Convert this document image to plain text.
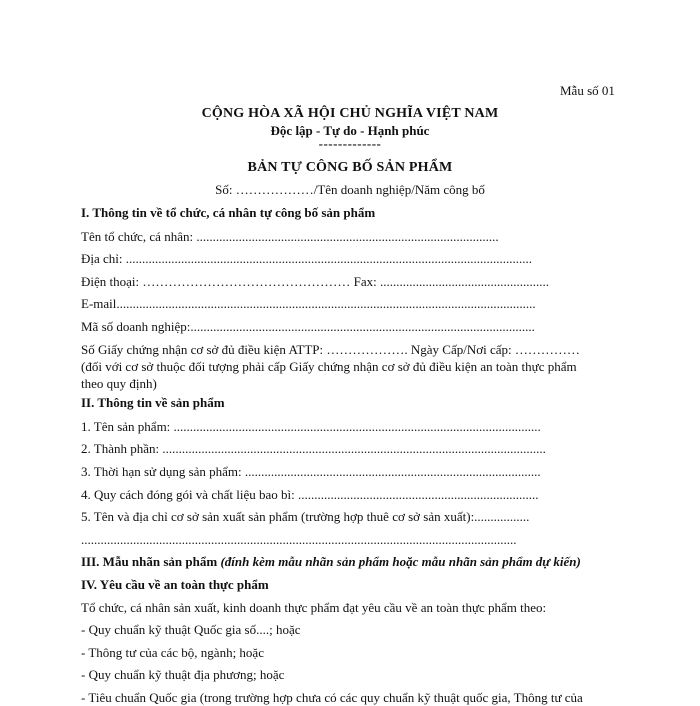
Mẫu số 01
CỘNG HÒA XÃ HỘI CHỦ NGHĨA VIỆT NAM
Độc lập - Tự do - Hạnh phúc
-------------
BẢN TỰ CÔNG BỐ SẢN PHẨM
Số: ………………/Tên doanh nghiệp/Năm công bố
I. Thông tin về tổ chức, cá nhân tự công bố sản phẩm
Tên tổ chức, cá nhân: .............................................................................................
Địa chỉ: .............................................................................................................................
Điện thoại: ………………………………………… Fax: ....................................................
E-mail.................................................................................................................................
Mã số doanh nghiệp:..........................................................................................................
Số Giấy chứng nhận cơ sở đủ điều kiện ATTP: ………………. Ngày Cấp/Nơi cấp: …………… (đối với cơ sở thuộc đối tượng phải cấp Giấy chứng nhận cơ sở đủ điều kiện an toàn thực phẩm theo quy định)
II. Thông tin về sản phẩm
1. Tên sản phẩm: .................................................................................................................
2. Thành phần: ......................................................................................................................
3. Thời hạn sử dụng sản phẩm: ...........................................................................................
4. Quy cách đóng gói và chất liệu bao bì: ..........................................................................
5. Tên và địa chỉ cơ sở sản xuất sản phẩm (trường hợp thuê cơ sở sản xuất):.................
......................................................................................................................................
III. Mẫu nhãn sản phẩm (đính kèm mẫu nhãn sản phẩm hoặc mẫu nhãn sản phẩm dự kiến)
IV. Yêu cầu về an toàn thực phẩm
Tổ chức, cá nhân sản xuất, kinh doanh thực phẩm đạt yêu cầu về an toàn thực phẩm theo:
- Quy chuẩn kỹ thuật Quốc gia số....; hoặc
- Thông tư của các bộ, ngành; hoặc
- Quy chuẩn kỹ thuật địa phương; hoặc
- Tiêu chuẩn Quốc gia (trong trường hợp chưa có các quy chuẩn kỹ thuật quốc gia, Thông tư của
